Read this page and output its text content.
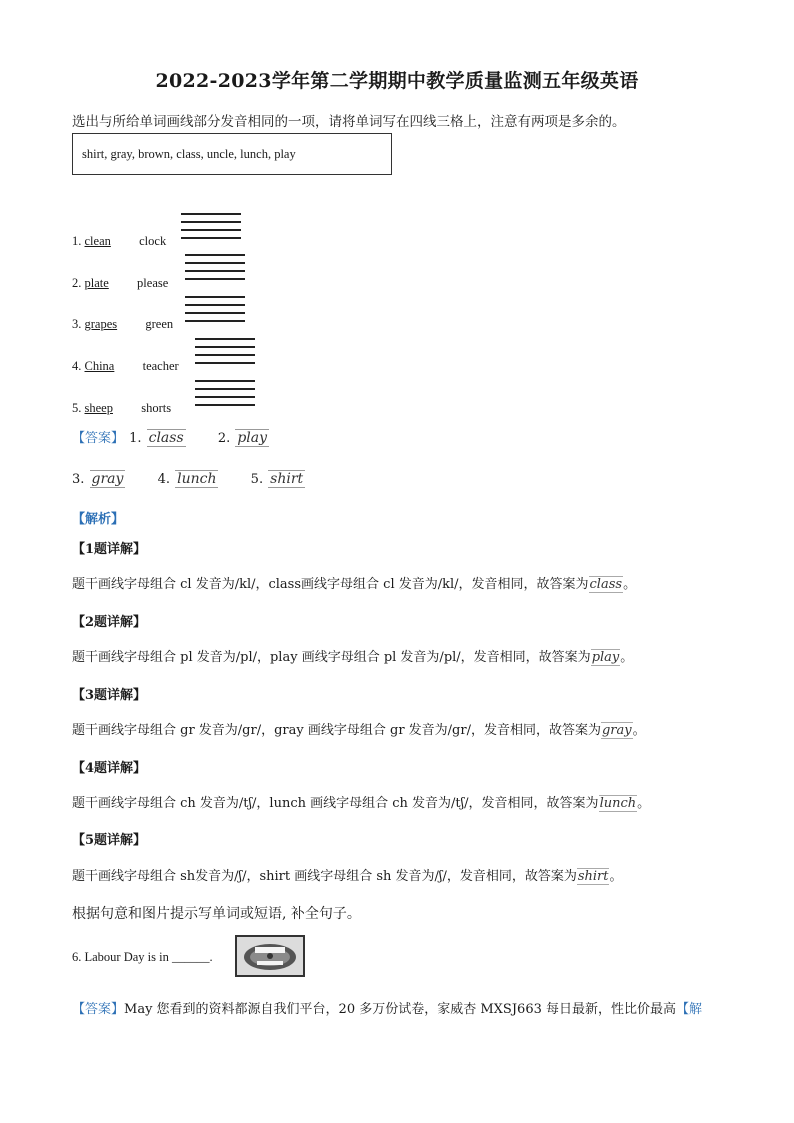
2022-2023学年第二学期期中教学质量监测五年级英语
选出与所给单词画线部分发音相同的一项，请将单词写在四线三格上，注意有两项是多余的。
shirt, gray, brown, class, uncle, lunch, play
1. clean clock
2. plate please
3. grapes green
4. China teacher
5. sheep shorts
【答案】 1. class	2. play
3. gray	4. lunch	5. shirt
【解析】
【1题详解】
题干画线字母组合 cl 发音为/kl/，class画线字母组合 cl 发音为/kl/，发音相同，故答案为class。
【2题详解】
题干画线字母组合 pl 发音为/pl/，play 画线字母组合 pl 发音为/pl/，发音相同，故答案为play。
【3题详解】
题干画线字母组合 gr 发音为/gr/，gray 画线字母组合 gr 发音为/gr/，发音相同，故答案为gray。
【4题详解】
题干画线字母组合 ch 发音为/tʃ/，lunch 画线字母组合 ch 发音为/tʃ/，发音相同，故答案为lunch。
【5题详解】
题干画线字母组合 sh发音为/ʃ/，shirt 画线字母组合 sh 发音为/ʃ/，发音相同，故答案为shirt。
根据句意和图片提示写单词或短语, 补全句子。
6. Labour Day is in ______.
【答案】May 您看到的资料都源自我们平台，20 多万份试卷，家威杏 MXSJ663 每日最新，性比价最高【解
